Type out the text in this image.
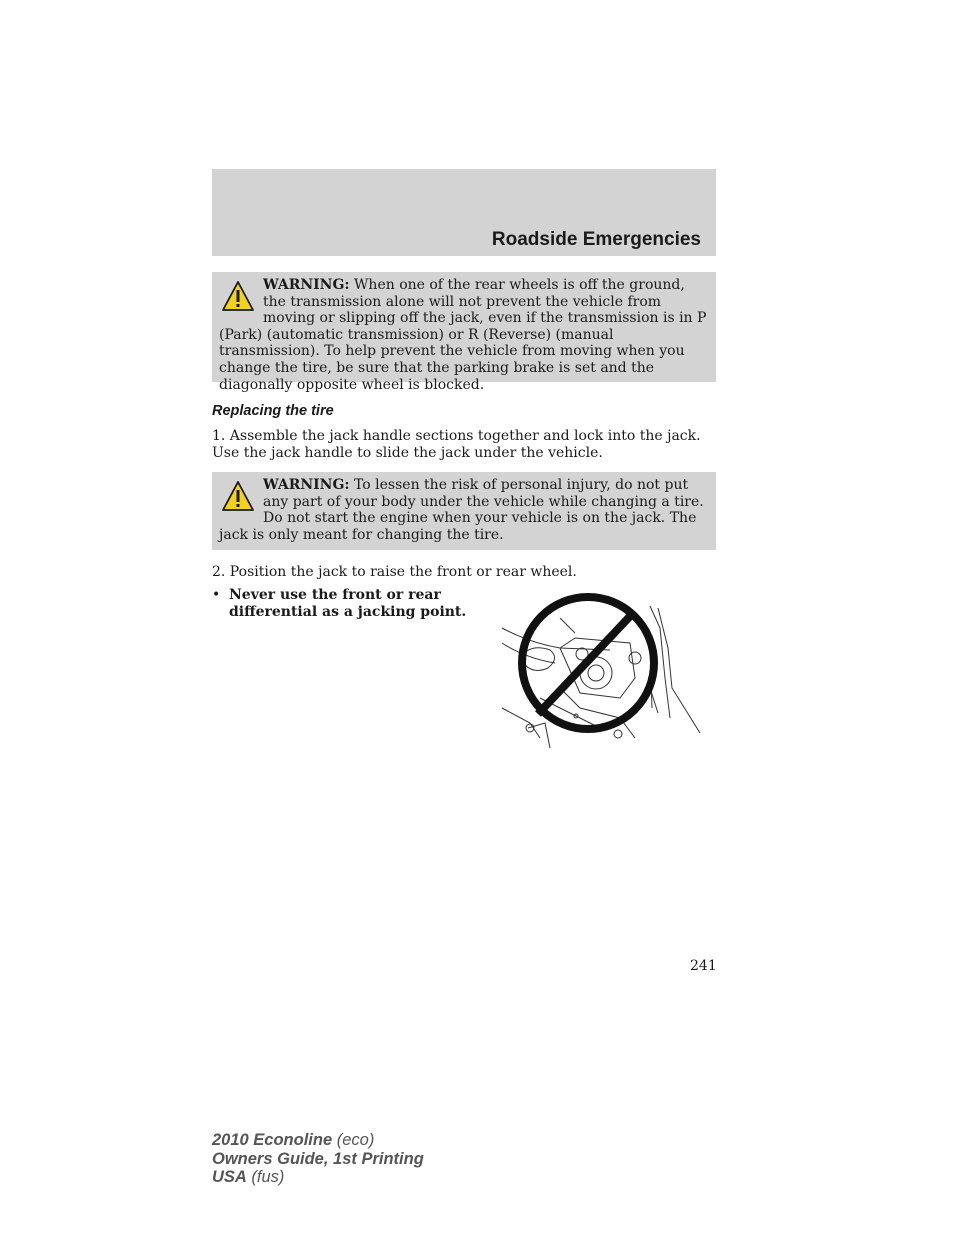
Roadside Emergencies
WARNING: When one of the rear wheels is off the ground, the transmission alone will not prevent the vehicle from moving or slipping off the jack, even if the transmission is in P (Park) (automatic transmission) or R (Reverse) (manual transmission). To help prevent the vehicle from moving when you change the tire, be sure that the parking brake is set and the diagonally opposite wheel is blocked.
Replacing the tire
1. Assemble the jack handle sections together and lock into the jack. Use the jack handle to slide the jack under the vehicle.
WARNING: To lessen the risk of personal injury, do not put any part of your body under the vehicle while changing a tire. Do not start the engine when your vehicle is on the jack. The jack is only meant for changing the tire.
2. Position the jack to raise the front or rear wheel.
• Never use the front or rear differential as a jacking point.
241
2010 Econoline (eco)
Owners Guide, 1st Printing
USA (fus)
